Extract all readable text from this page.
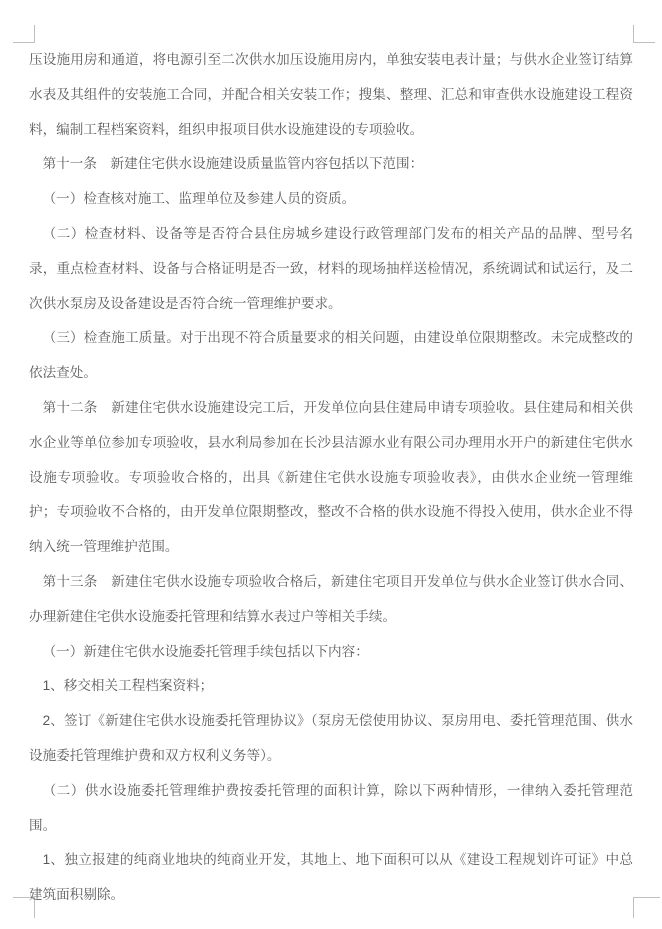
压设施用房和通道，将电源引至二次供水加压设施用房内，单独安装电表计量；与供水企业签订结算水表及其组件的安装施工合同，并配合相关安装工作；搜集、整理、汇总和审查供水设施建设工程资料，编制工程档案资料，组织申报项目供水设施建设的专项验收。

第十一条　新建住宅供水设施建设质量监管内容包括以下范围：

（一）检查核对施工、监理单位及参建人员的资质。

（二）检查材料、设备等是否符合县住房城乡建设行政管理部门发布的相关产品的品牌、型号名录，重点检查材料、设备与合格证明是否一致，材料的现场抽样送检情况，系统调试和试运行，及二次供水泵房及设备建设是否符合统一管理维护要求。

（三）检查施工质量。对于出现不符合质量要求的相关问题，由建设单位限期整改。未完成整改的依法查处。

第十二条　新建住宅供水设施建设完工后，开发单位向县住建局申请专项验收。县住建局和相关供水企业等单位参加专项验收，县水利局参加在长沙县洁源水业有限公司办理用水开户的新建住宅供水设施专项验收。专项验收合格的，出具《新建住宅供水设施专项验收表》，由供水企业统一管理维护；专项验收不合格的，由开发单位限期整改，整改不合格的供水设施不得投入使用，供水企业不得纳入统一管理维护范围。

第十三条　新建住宅供水设施专项验收合格后，新建住宅项目开发单位与供水企业签订供水合同、办理新建住宅供水设施委托管理和结算水表过户等相关手续。

（一）新建住宅供水设施委托管理手续包括以下内容：

1、移交相关工程档案资料；

2、签订《新建住宅供水设施委托管理协议》（泵房无偿使用协议、泵房用电、委托管理范围、供水设施委托管理维护费和双方权利义务等）。

（二）供水设施委托管理维护费按委托管理的面积计算，除以下两种情形，一律纳入委托管理范围。

1、独立报建的纯商业地块的纯商业开发，其地上、地下面积可以从《建设工程规划许可证》中总建筑面积剔除。
